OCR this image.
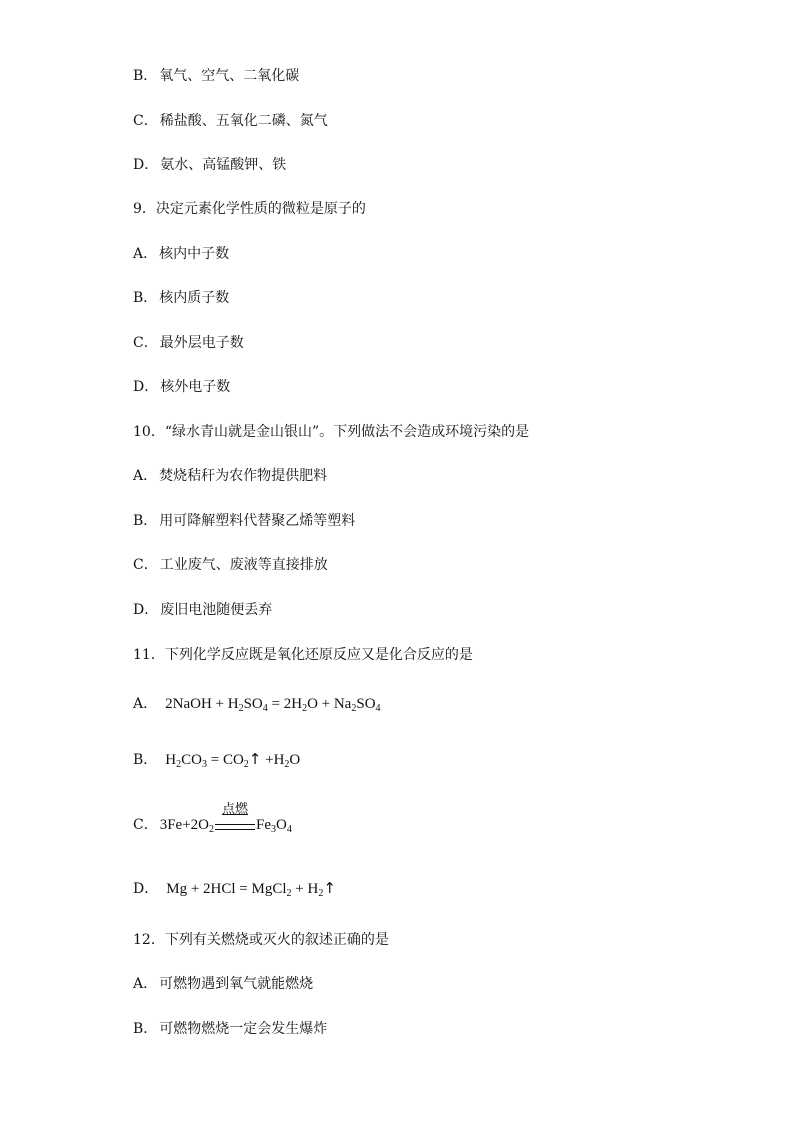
B． 氧气、空气、二氧化碳
C． 稀盐酸、五氧化二磷、氮气
D． 氨水、高锰酸钾、铁
9．决定元素化学性质的微粒是原子的
A． 核内中子数
B． 核内质子数
C． 最外层电子数
D． 核外电子数
10．“绿水青山就是金山银山”。下列做法不会造成环境污染的是
A． 焚烧秸秆为农作物提供肥料
B． 用可降解塑料代替聚乙烯等塑料
C． 工业废气、废液等直接排放
D． 废旧电池随便丢弃
11．下列化学反应既是氧化还原反应又是化合反应的是
A． 2NaOH + $H_2SO_4 = 2H_2O + Na_2SO_4$
B． $H_2CO_3$ = $CO_2↑ +H_2O$
C． $3Fe+2O_2$
点燃
$Fe_3O_4$
D． Mg + 2HCl = MgCl$_2$ + $H_2↑$
12．下列有关燃烧或灭火的叙述正确的是
A． 可燃物遇到氧气就能燃烧
B． 可燃物燃烧一定会发生爆炸
